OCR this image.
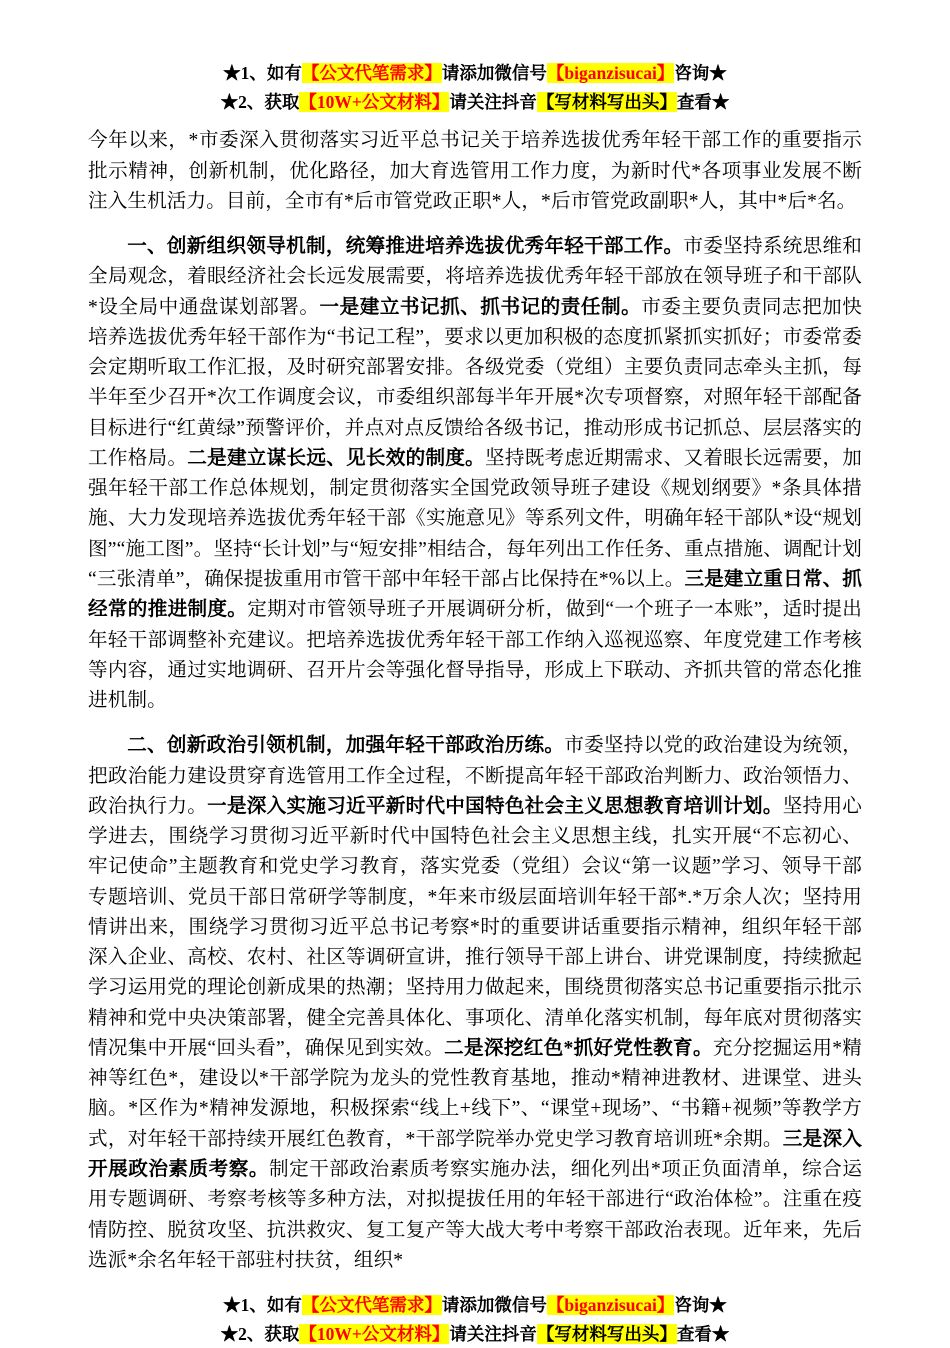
★1、如有【公文代笔需求】请添加微信号【biganzisucai】咨询★
★2、获取【10W+公文材料】请关注抖音【写材料写出头】查看★

今年以来，*市委深入贯彻落实习近平总书记关于培养选拔优秀年轻干部工作的重要指示批示精神，创新机制，优化路径，加大育选管用工作力度，为新时代*各项事业发展不断注入生机活力。目前，全市有*后市管党政正职*人，*后市管党政副职*人，其中*后*名。

一、创新组织领导机制，统筹推进培养选拔优秀年轻干部工作。市委坚持系统思维和全局观念，着眼经济社会长远发展需要，将培养选拔优秀年轻干部放在领导班子和干部队*设全局中通盘谋划部署。一是建立书记抓、抓书记的责任制。市委主要负责同志把加快培养选拔优秀年轻干部作为“书记工程”，要求以更加积极的态度抓紧抓实抓好；市委常委会定期听取工作汇报，及时研究部署安排。各级党委（党组）主要负责同志牵头主抓，每半年至少召开*次工作调度会议，市委组织部每半年开展*次专项督察，对照年轻干部配备目标进行“红黄绿”预警评价，并点对点反馈给各级书记，推动形成书记抓总、层层落实的工作格局。二是建立谋长远、见长效的制度。坚持既考虑近期需求、又着眼长远需要，加强年轻干部工作总体规划，制定贯彻落实全国党政领导班子建设《规划纲要》*条具体措施、大力发现培养选拔优秀年轻干部《实施意见》等系列文件，明确年轻干部队*设“规划图”“施工图”。坚持“长计划”与“短安排”相结合，每年列出工作任务、重点措施、调配计划“三张清单”，确保提拔重用市管干部中年轻干部占比保持在*%以上。三是建立重日常、抓经常的推进制度。定期对市管领导班子开展调研分析，做到“一个班子一本账”，适时提出年轻干部调整补充建议。把培养选拔优秀年轻干部工作纳入巡视巡察、年度党建工作考核等内容，通过实地调研、召开片会等强化督导指导，形成上下联动、齐抓共管的常态化推进机制。

二、创新政治引领机制，加强年轻干部政治历练。市委坚持以党的政治建设为统领，把政治能力建设贯穿育选管用工作全过程，不断提高年轻干部政治判断力、政治领悟力、政治执行力。一是深入实施习近平新时代中国特色社会主义思想教育培训计划。坚持用心学进去，围绕学习贯彻习近平新时代中国特色社会主义思想主线，扎实开展“不忘初心、牢记使命”主题教育和党史学习教育，落实党委（党组）会议“第一议题”学习、领导干部专题培训、党员干部日常研学等制度，*年来市级层面培训年轻干部*.*万余人次；坚持用情讲出来，围绕学习贯彻习近平总书记考察*时的重要讲话重要指示精神，组织年轻干部深入企业、高校、农村、社区等调研宣讲，推行领导干部上讲台、讲党课制度，持续掀起学习运用党的理论创新成果的热潮；坚持用力做起来，围绕贯彻落实总书记重要指示批示精神和党中央决策部署，健全完善具体化、事项化、清单化落实机制，每年底对贯彻落实情况集中开展“回头看”，确保见到实效。二是深挖红色*抓好党性教育。充分挖掘运用*精神等红色*，建设以*干部学院为龙头的党性教育基地，推动*精神进教材、进课堂、进头脑。*区作为*精神发源地，积极探索“线上+线下”、“课堂+现场”、“书籍+视频”等教学方式，对年轻干部持续开展红色教育，*干部学院举办党史学习教育培训班*余期。三是深入开展政治素质考察。制定干部政治素质考察实施办法，细化列出*项正负面清单，综合运用专题调研、考察考核等多种方法，对拟提拔任用的年轻干部进行“政治体检”。注重在疫情防控、脱贫攻坚、抗洪救灾、复工复产等大战大考中考察干部政治表现。近年来，先后选派*余名年轻干部驻村扶贫，组织*

★1、如有【公文代笔需求】请添加微信号【biganzisucai】咨询★
★2、获取【10W+公文材料】请关注抖音【写材料写出头】查看★
